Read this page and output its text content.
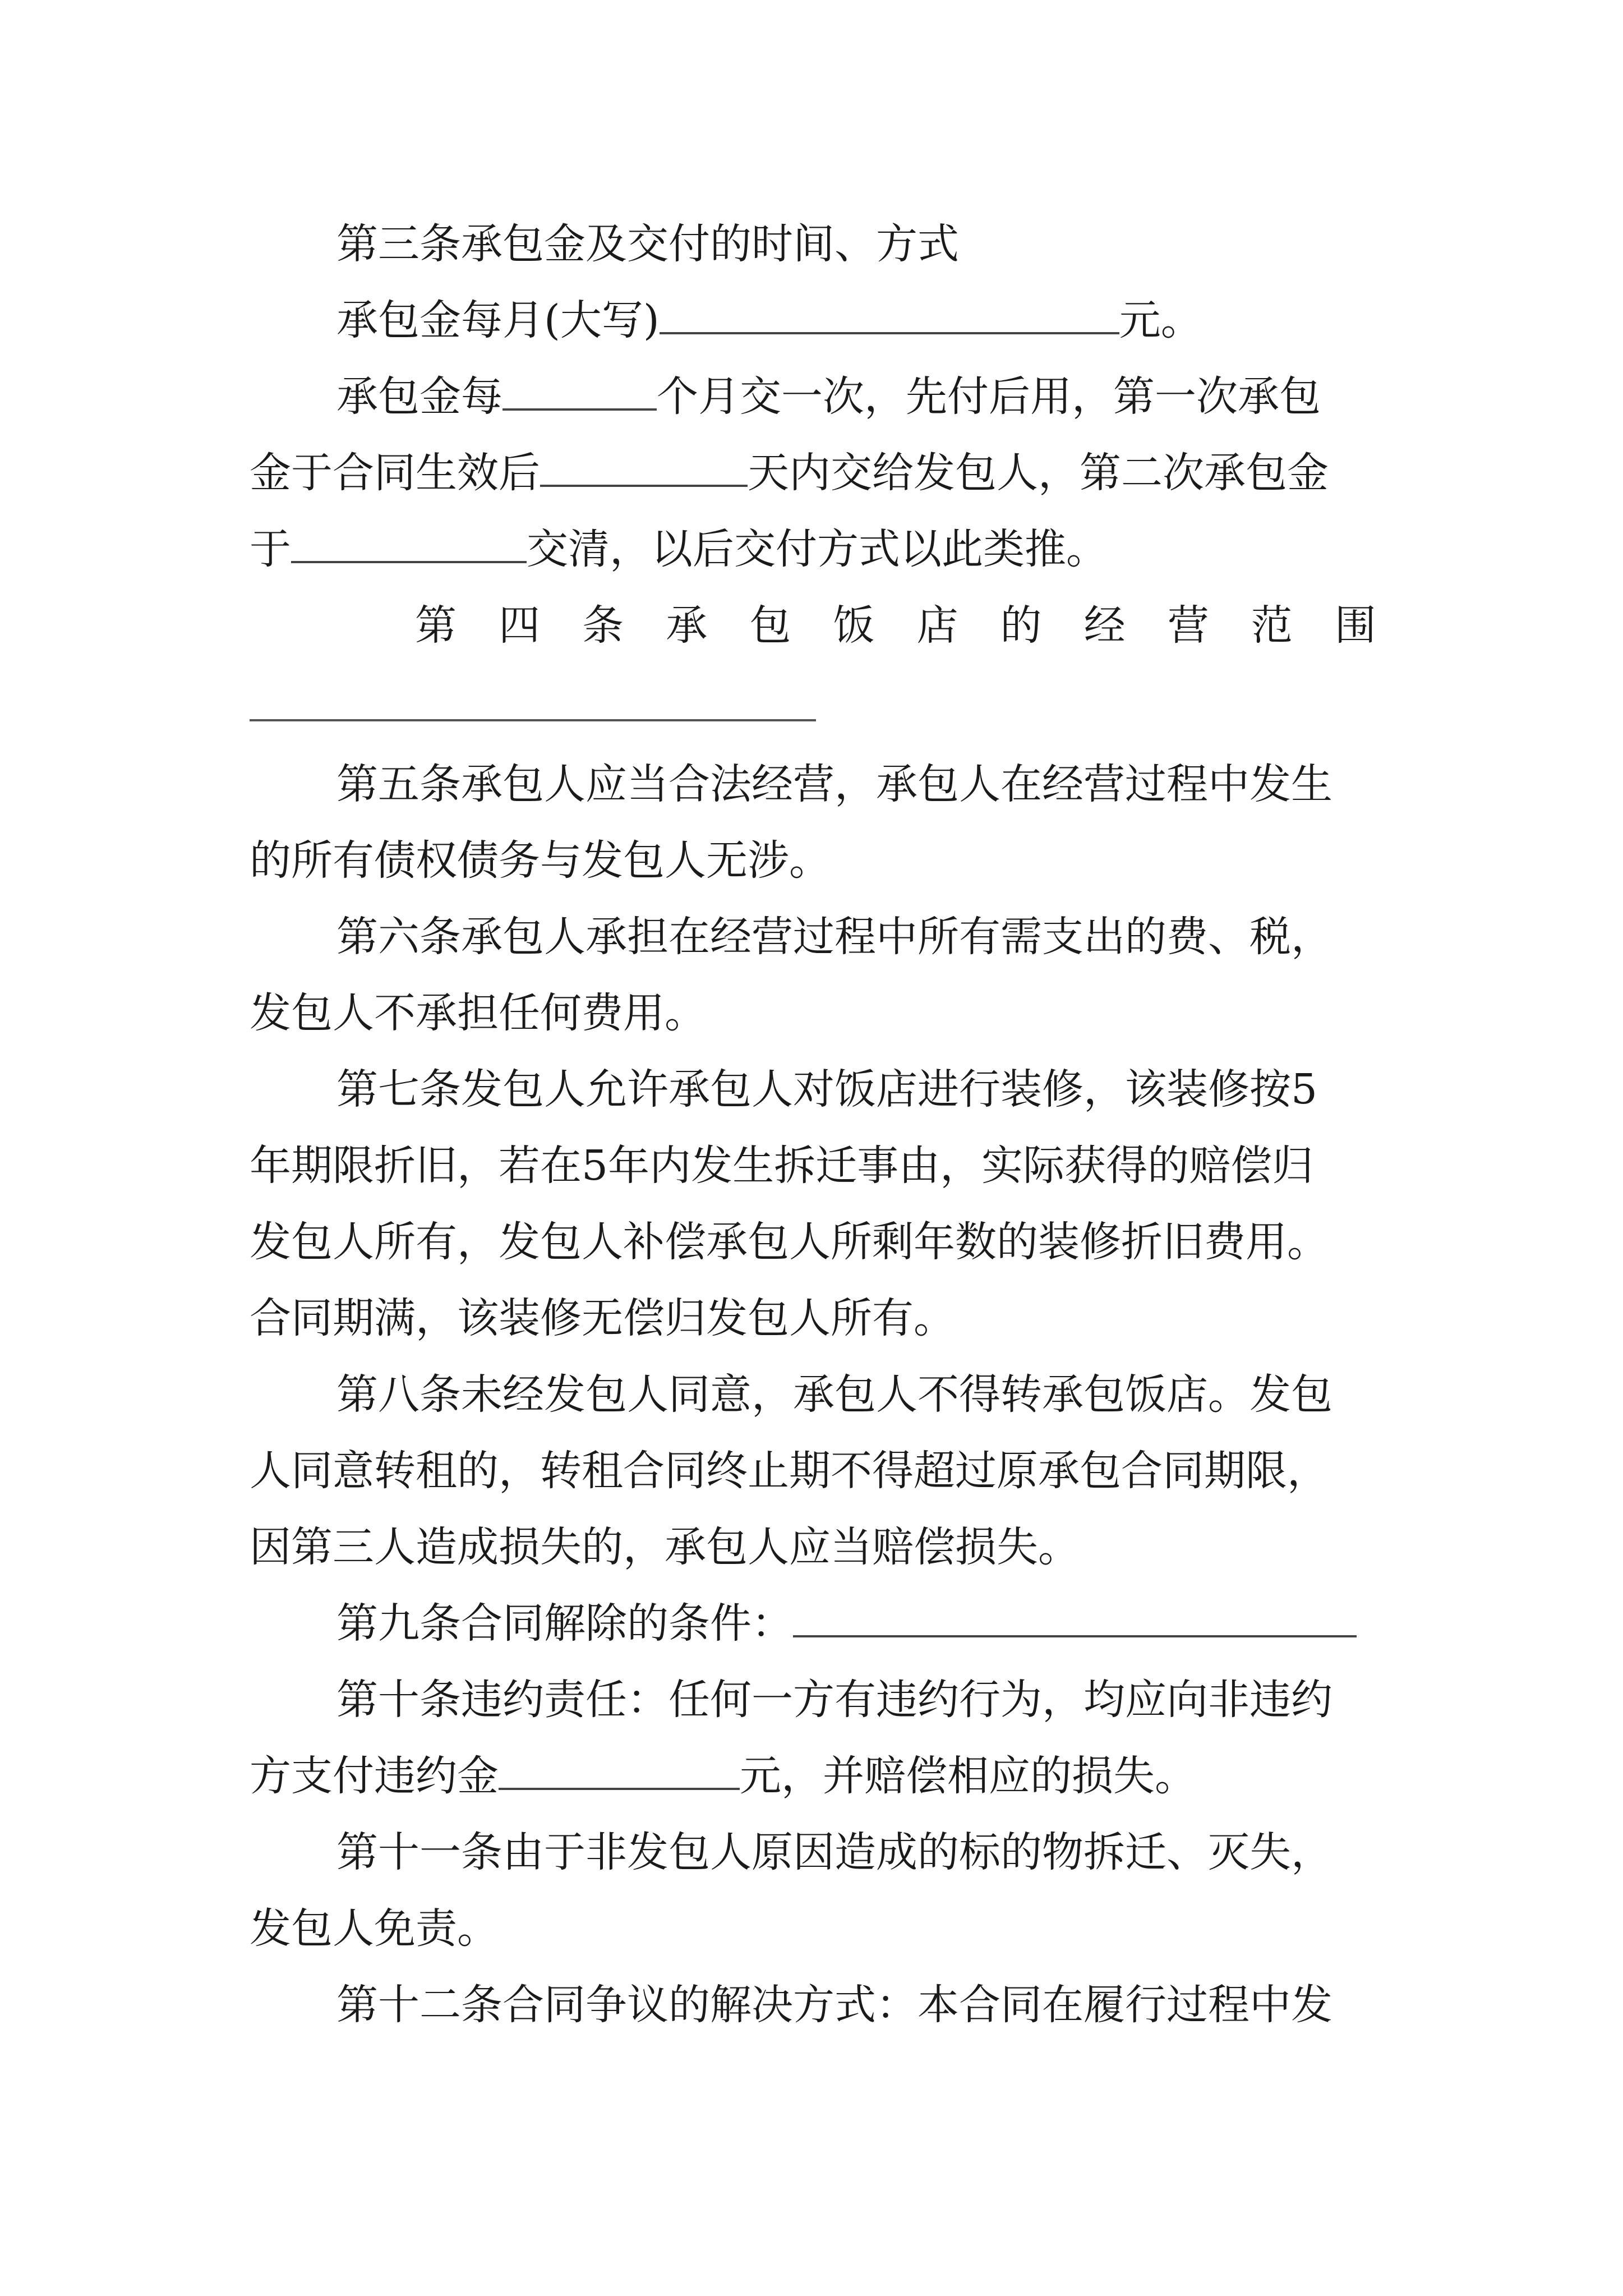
第三条承包金及交付的时间、方式
承包金每月(大写)	元。
承包金每	个月交一次，先付后用，第一次承包
金于合同生效后	天内交给发包人，第二次承包金
于	交清，以后交付方式以此类推。
第 四 条 承 包 饭 店 的 经 营 范 围
第五条承包人应当合法经营，承包人在经营过程中发生
的所有债权债务与发包人无涉。
第六条承包人承担在经营过程中所有需支出的费、税，
发包人不承担任何费用。
第七条发包人允许承包人对饭店进行装修，该装修按5
年期限折旧，若在5年内发生拆迁事由，实际获得的赔偿归
发包人所有，发包人补偿承包人所剩年数的装修折旧费用。
合同期满，该装修无偿归发包人所有。
第八条未经发包人同意，承包人不得转承包饭店。发包
人同意转租的，转租合同终止期不得超过原承包合同期限，
因第三人造成损失的，承包人应当赔偿损失。
第九条合同解除的条件：
第十条违约责任：任何一方有违约行为，均应向非违约
方支付违约金	元，并赔偿相应的损失。
第十一条由于非发包人原因造成的标的物拆迁、灭失，
发包人免责。
第十二条合同争议的解决方式：本合同在履行过程中发
